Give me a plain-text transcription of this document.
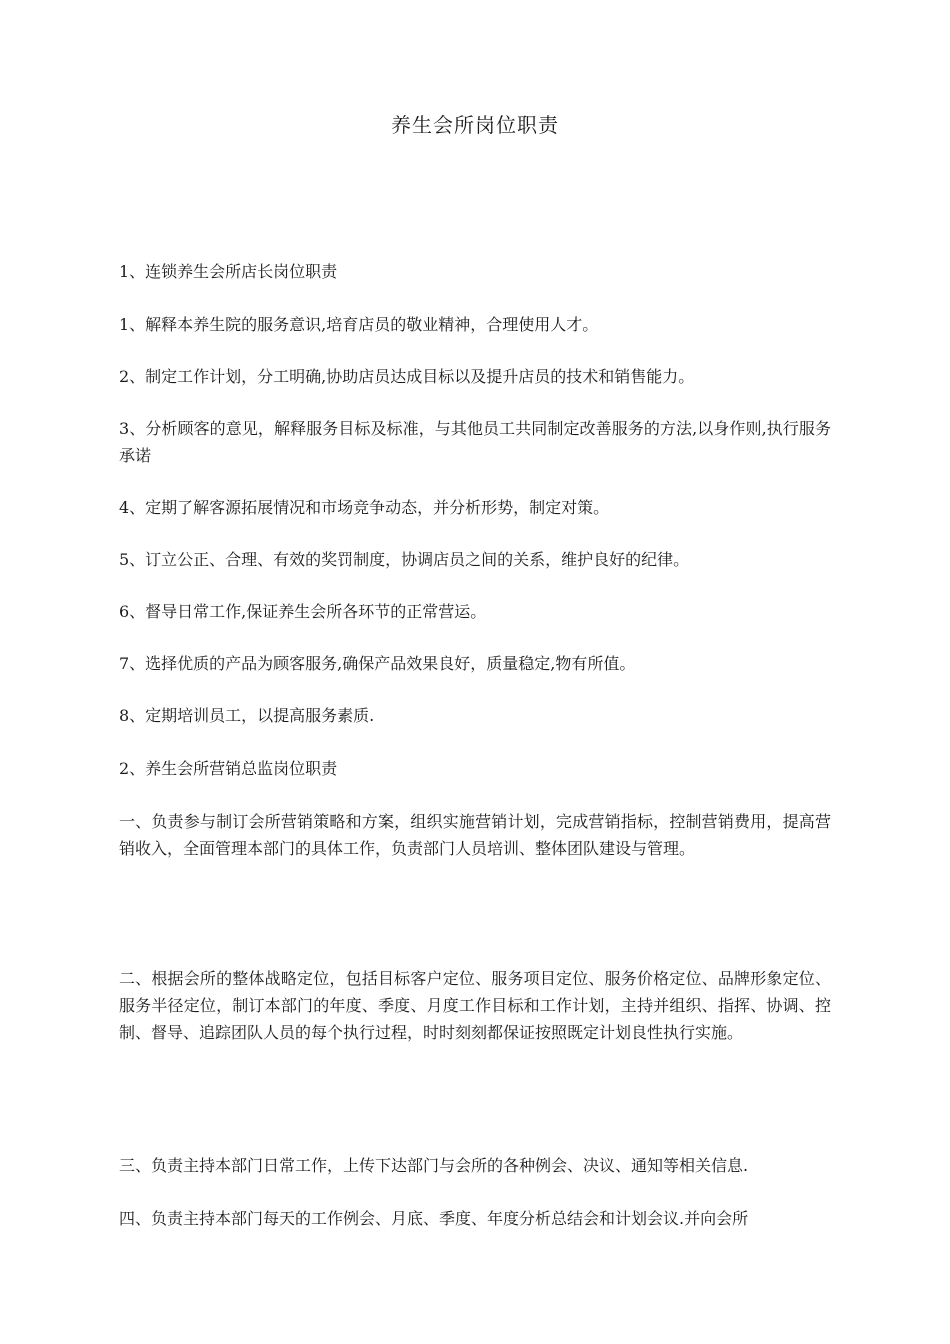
养生会所岗位职责

1、连锁养生会所店长岗位职责

1、解释本养生院的服务意识,培育店员的敬业精神，合理使用人才。

2、制定工作计划，分工明确,协助店员达成目标以及提升店员的技术和销售能力。

3、分析顾客的意见，解释服务目标及标准，与其他员工共同制定改善服务的方法,以身作则,执行服务承诺

4、定期了解客源拓展情况和市场竞争动态，并分析形势，制定对策。

5、订立公正、合理、有效的奖罚制度，协调店员之间的关系，维护良好的纪律。

6、督导日常工作,保证养生会所各环节的正常营运。

7、选择优质的产品为顾客服务,确保产品效果良好，质量稳定,物有所值。

8、定期培训员工，以提高服务素质.

2、养生会所营销总监岗位职责

一、负责参与制订会所营销策略和方案，组织实施营销计划，完成营销指标，控制营销费用，提高营销收入，全面管理本部门的具体工作，负责部门人员培训、整体团队建设与管理。

二、根据会所的整体战略定位，包括目标客户定位、服务项目定位、服务价格定位、品牌形象定位、服务半径定位，制订本部门的年度、季度、月度工作目标和工作计划，主持并组织、指挥、协调、控制、督导、追踪团队人员的每个执行过程，时时刻刻都保证按照既定计划良性执行实施。

三、负责主持本部门日常工作，上传下达部门与会所的各种例会、决议、通知等相关信息.

四、负责主持本部门每天的工作例会、月底、季度、年度分析总结会和计划会议.并向会所
